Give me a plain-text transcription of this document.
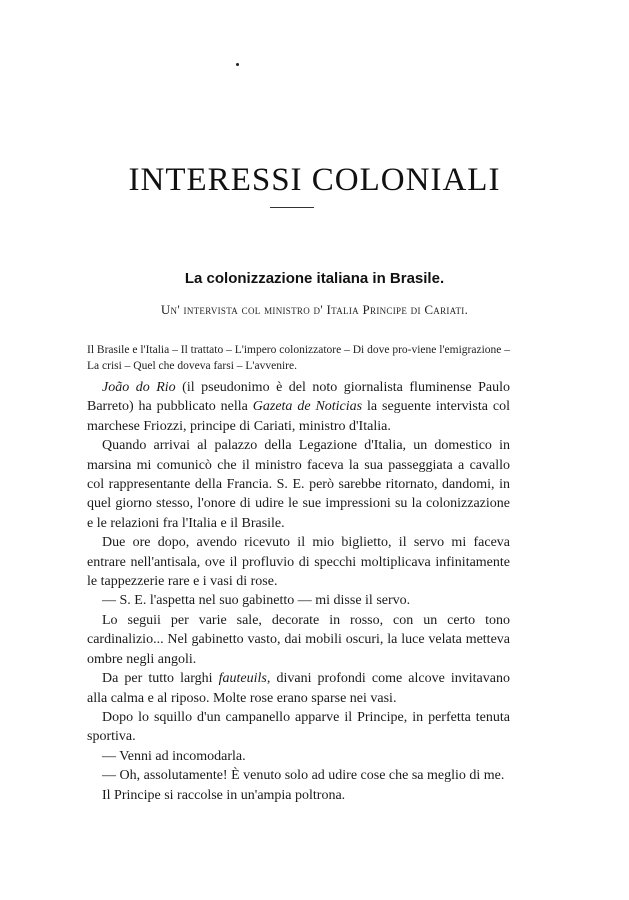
INTERESSI COLONIALI
La colonizzazione italiana in Brasile.
Un' intervista col ministro d' Italia Principe di Cariati.
Il Brasile e l'Italia – Il trattato – L'impero colonizzatore – Di dove pro-viene l'emigrazione – La crisi – Quel che doveva farsi – L'avvenire.

João do Rio (il pseudonimo è del noto giornalista fluminense Paulo Barreto) ha pubblicato nella Gazeta de Noticias la seguente intervista col marchese Friozzi, principe di Cariati, ministro d'Italia.

Quando arrivai al palazzo della Legazione d'Italia, un domestico in marsina mi comunicò che il ministro faceva la sua passeggiata a cavallo col rappresentante della Francia. S. E. però sarebbe ritornato, dandomi, in quel giorno stesso, l'onore di udire le sue impressioni su la colonizzazione e le relazioni fra l'Italia e il Brasile.

Due ore dopo, avendo ricevuto il mio biglietto, il servo mi faceva entrare nell'antisala, ove il profluvio di specchi moltiplicava infinitamente le tappezzerie rare e i vasi di rose.

— S. E. l'aspetta nel suo gabinetto — mi disse il servo.

Lo seguii per varie sale, decorate in rosso, con un certo tono cardinalizio... Nel gabinetto vasto, dai mobili oscuri, la luce velata metteva ombre negli angoli.

Da per tutto larghi fauteuils, divani profondi come alcove invitavano alla calma e al riposo. Molte rose erano sparse nei vasi.

Dopo lo squillo d'un campanello apparve il Principe, in perfetta tenuta sportiva.

— Venni ad incomodarla.

— Oh, assolutamente! È venuto solo ad udire cose che sa meglio di me.

Il Principe si raccolse in un'ampia poltrona.
